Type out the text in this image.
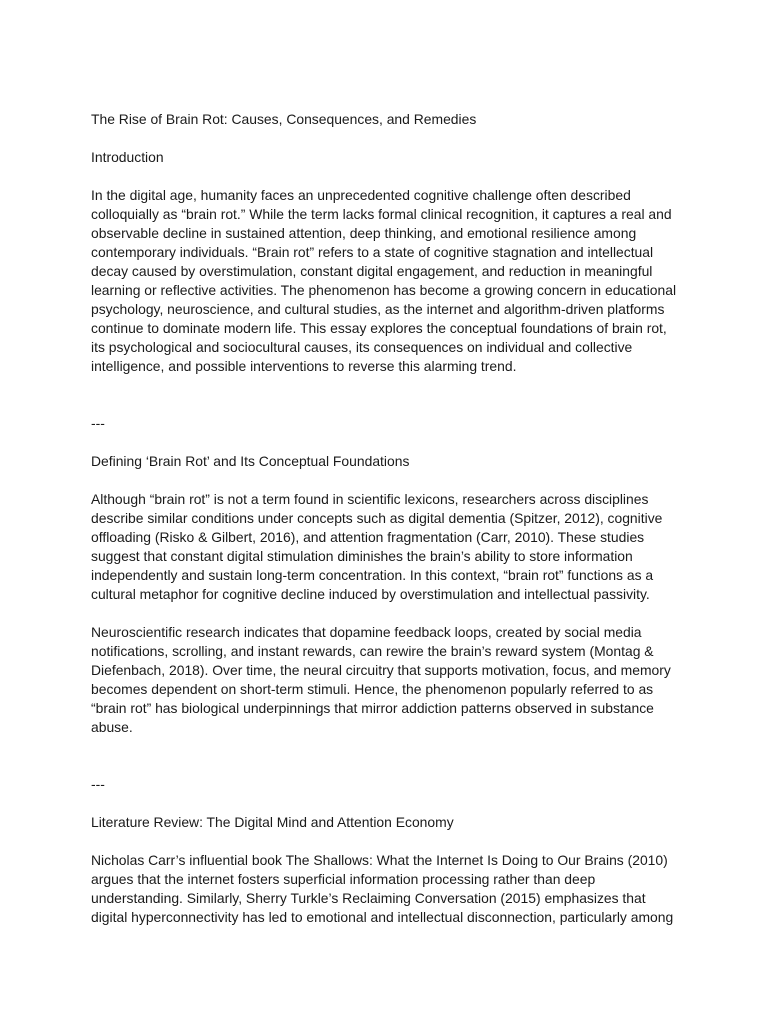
The Rise of Brain Rot: Causes, Consequences, and Remedies

Introduction

In the digital age, humanity faces an unprecedented cognitive challenge often described

colloquially as “brain rot.” While the term lacks formal clinical recognition, it captures a real and

observable decline in sustained attention, deep thinking, and emotional resilience among

contemporary individuals. “Brain rot” refers to a state of cognitive stagnation and intellectual

decay caused by overstimulation, constant digital engagement, and reduction in meaningful

learning or reflective activities. The phenomenon has become a growing concern in educational

psychology, neuroscience, and cultural studies, as the internet and algorithm-driven platforms

continue to dominate modern life. This essay explores the conceptual foundations of brain rot,

its psychological and sociocultural causes, its consequences on individual and collective

intelligence, and possible interventions to reverse this alarming trend.

---

Defining ‘Brain Rot’ and Its Conceptual Foundations

Although “brain rot” is not a term found in scientific lexicons, researchers across disciplines

describe similar conditions under concepts such as digital dementia (Spitzer, 2012), cognitive

offloading (Risko & Gilbert, 2016), and attention fragmentation (Carr, 2010). These studies

suggest that constant digital stimulation diminishes the brain’s ability to store information

independently and sustain long-term concentration. In this context, “brain rot” functions as a

cultural metaphor for cognitive decline induced by overstimulation and intellectual passivity.

Neuroscientific research indicates that dopamine feedback loops, created by social media

notifications, scrolling, and instant rewards, can rewire the brain’s reward system (Montag &

Diefenbach, 2018). Over time, the neural circuitry that supports motivation, focus, and memory

becomes dependent on short-term stimuli. Hence, the phenomenon popularly referred to as

“brain rot” has biological underpinnings that mirror addiction patterns observed in substance

abuse.

---

Literature Review: The Digital Mind and Attention Economy

Nicholas Carr’s influential book The Shallows: What the Internet Is Doing to Our Brains (2010)

argues that the internet fosters superficial information processing rather than deep

understanding. Similarly, Sherry Turkle’s Reclaiming Conversation (2015) emphasizes that

digital hyperconnectivity has led to emotional and intellectual disconnection, particularly among
